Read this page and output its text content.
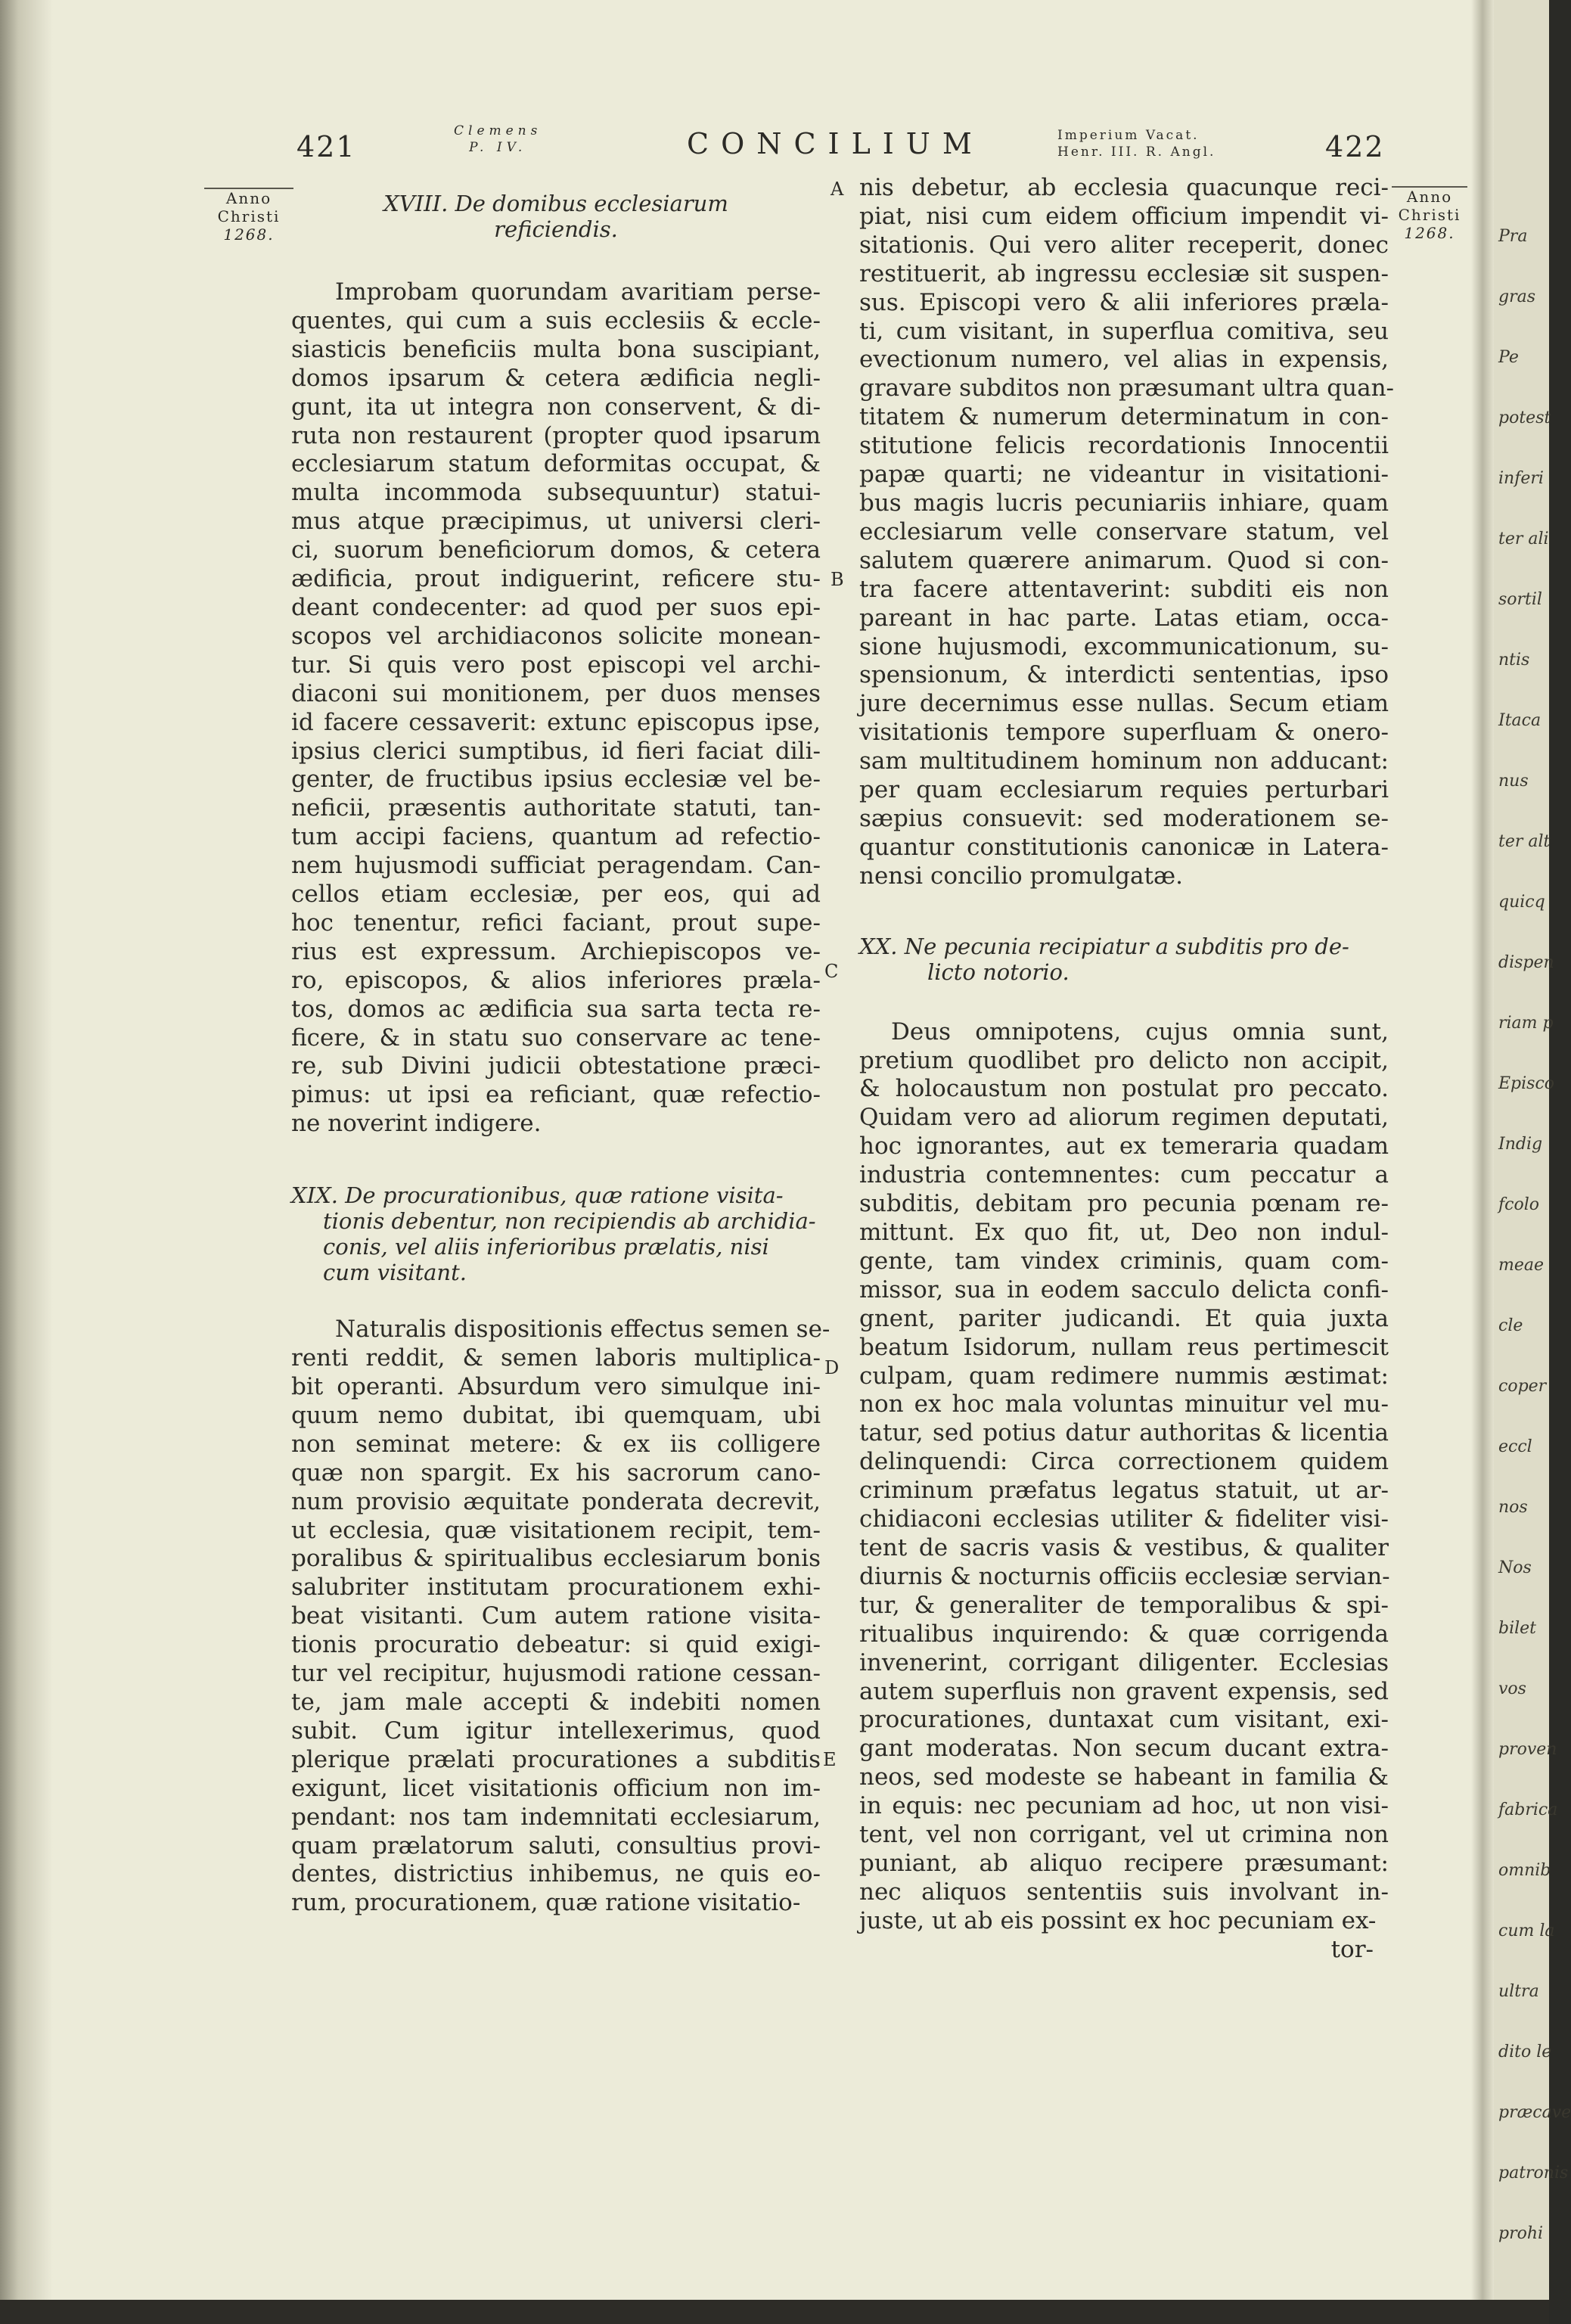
421	Clemens
P. IV.	CONCILIUM	Imperium Vacat.
Henr. III. R. Angl.	422
Anno
Christi
1268.
Anno
Christi
1268.
A
B
C
D
E
XVIII. De domibus ecclesiarum
reficiendis.
Improbam quorundam avaritiam perse-
quentes, qui cum a suis ecclesiis & eccle-
siasticis beneficiis multa bona suscipiant,
domos ipsarum & cetera ædificia negli-
gunt, ita ut integra non conservent, & di-
ruta non restaurent (propter quod ipsarum
ecclesiarum statum deformitas occupat, &
multa incommoda subsequuntur) statui-
mus atque præcipimus, ut universi cleri-
ci, suorum beneficiorum domos, & cetera
ædificia, prout indiguerint, reficere stu-
deant condecenter: ad quod per suos epi-
scopos vel archidiaconos solicite monean-
tur. Si quis vero post episcopi vel archi-
diaconi sui monitionem, per duos menses
id facere cessaverit: extunc episcopus ipse,
ipsius clerici sumptibus, id fieri faciat dili-
genter, de fructibus ipsius ecclesiæ vel be-
neficii, præsentis authoritate statuti, tan-
tum accipi faciens, quantum ad refectio-
nem hujusmodi sufficiat peragendam. Can-
cellos etiam ecclesiæ, per eos, qui ad
hoc tenentur, refici faciant, prout supe-
rius est expressum. Archiepiscopos ve-
ro, episcopos, & alios inferiores præla-
tos, domos ac ædificia sua sarta tecta re-
ficere, & in statu suo conservare ac tene-
re, sub Divini judicii obtestatione præci-
pimus: ut ipsi ea reficiant, quæ refectio-
ne noverint indigere.
XIX. De procurationibus, quæ ratione visita-
tionis debentur, non recipiendis ab archidia-
conis, vel aliis inferioribus prælatis, nisi
cum visitant.
Naturalis dispositionis effectus semen se-
renti reddit, & semen laboris multiplica-
bit operanti. Absurdum vero simulque ini-
quum nemo dubitat, ibi quemquam, ubi
non seminat metere: & ex iis colligere
quæ non spargit. Ex his sacrorum cano-
num provisio æquitate ponderata decrevit,
ut ecclesia, quæ visitationem recipit, tem-
poralibus & spiritualibus ecclesiarum bonis
salubriter institutam procurationem exhi-
beat visitanti. Cum autem ratione visita-
tionis procuratio debeatur: si quid exigi-
tur vel recipitur, hujusmodi ratione cessan-
te, jam male accepti & indebiti nomen
subit. Cum igitur intellexerimus, quod
plerique prælati procurationes a subditis
exigunt, licet visitationis officium non im-
pendant: nos tam indemnitati ecclesiarum,
quam prælatorum saluti, consultius provi-
dentes, districtius inhibemus, ne quis eo-
rum, procurationem, quæ ratione visitatio-
nis debetur, ab ecclesia quacunque reci-
piat, nisi cum eidem officium impendit vi-
sitationis. Qui vero aliter receperit, donec
restituerit, ab ingressu ecclesiæ sit suspen-
sus. Episcopi vero & alii inferiores præla-
ti, cum visitant, in superflua comitiva, seu
evectionum numero, vel alias in expensis,
gravare subditos non præsumant ultra quan-
titatem & numerum determinatum in con-
stitutione felicis recordationis Innocentii
papæ quarti; ne videantur in visitationi-
bus magis lucris pecuniariis inhiare, quam
ecclesiarum velle conservare statum, vel
salutem quærere animarum. Quod si con-
tra facere attentaverint: subditi eis non
pareant in hac parte. Latas etiam, occa-
sione hujusmodi, excommunicationum, su-
spensionum, & interdicti sententias, ipso
jure decernimus esse nullas. Secum etiam
visitationis tempore superfluam & onero-
sam multitudinem hominum non adducant:
per quam ecclesiarum requies perturbari
sæpius consuevit: sed moderationem se-
quantur constitutionis canonicæ in Latera-
nensi concilio promulgatæ.
XX. Ne pecunia recipiatur a subditis pro de-
licto notorio.
Deus omnipotens, cujus omnia sunt,
pretium quodlibet pro delicto non accipit,
& holocaustum non postulat pro peccato.
Quidam vero ad aliorum regimen deputati,
hoc ignorantes, aut ex temeraria quadam
industria contemnentes: cum peccatur a
subditis, debitam pro pecunia pœnam re-
mittunt. Ex quo fit, ut, Deo non indul-
gente, tam vindex criminis, quam com-
missor, sua in eodem sacculo delicta confi-
gnent, pariter judicandi. Et quia juxta
beatum Isidorum, nullam reus pertimescit
culpam, quam redimere nummis æstimat:
non ex hoc mala voluntas minuitur vel mu-
tatur, sed potius datur authoritas & licentia
delinquendi: Circa correctionem quidem
criminum præfatus legatus statuit, ut ar-
chidiaconi ecclesias utiliter & fideliter visi-
tent de sacris vasis & vestibus, & qualiter
diurnis & nocturnis officiis ecclesiæ servian-
tur, & generaliter de temporalibus & spi-
ritualibus inquirendo: & quæ corrigenda
invenerint, corrigant diligenter. Ecclesias
autem superfluis non gravent expensis, sed
procurationes, duntaxat cum visitant, exi-
gant moderatas. Non secum ducant extra-
neos, sed modeste se habeant in familia &
in equis: nec pecuniam ad hoc, ut non visi-
tent, vel non corrigant, vel ut crimina non
puniant, ab aliquo recipere præsumant:
nec aliquos sententiis suis involvant in-
juste, ut ab eis possint ex hoc pecuniam ex-
tor-
Pra
gras
Pe
potest
inferi
ter ali
sortil
ntis
Itaca
nus
ter alt
quicq
dispen
riam p
Episco
Indig
fcolo
meae
cle
coper
eccl
nos
Nos
bilet
vos
proven
fabrica
omnib
cum la
ultra
dito le
præcave
patronis
prohi
